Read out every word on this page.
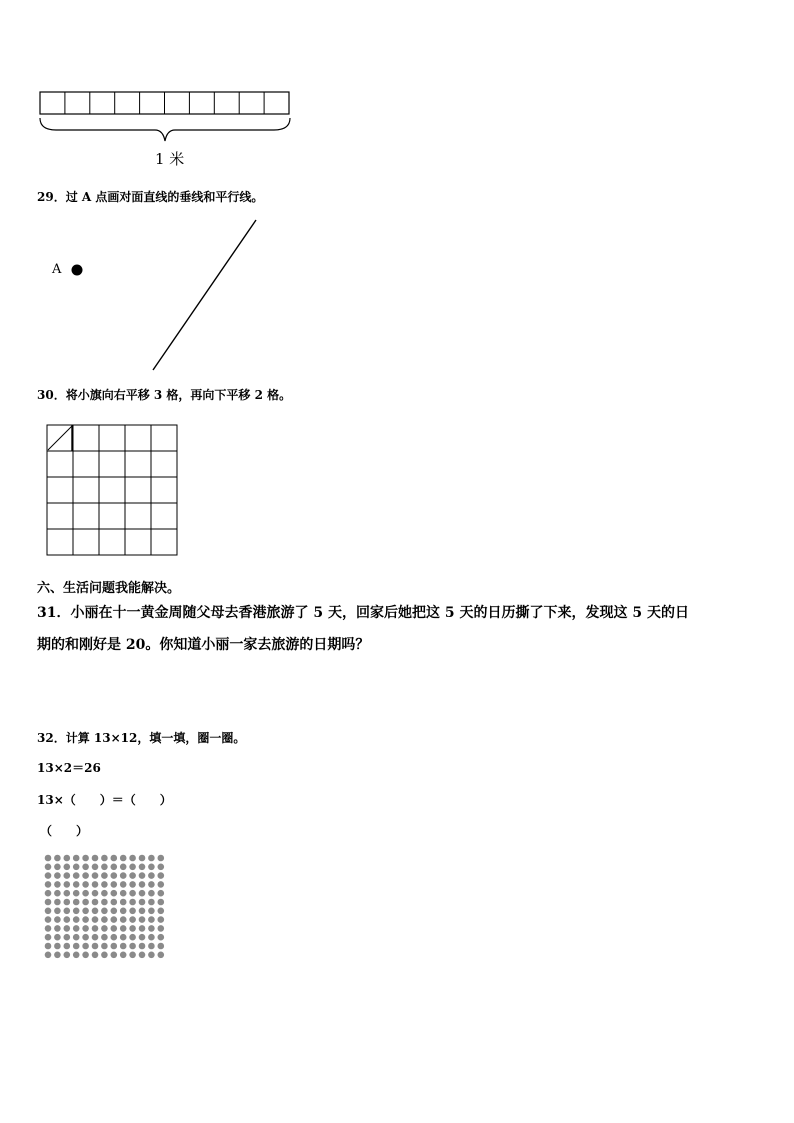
1 米
29．过 A 点画对面直线的垂线和平行线。
A
30．将小旗向右平移 3 格，再向下平移 2 格。
六、生活问题我能解决。
31．小丽在十一黄金周随父母去香港旅游了 5 天，回家后她把这 5 天的日历撕了下来，发现这 5 天的日
期的和刚好是 20。你知道小丽一家去旅游的日期吗？
32．计算 13×12，填一填，圈一圈。
13×2＝26
13×（　　）＝（　　）
（　　）
